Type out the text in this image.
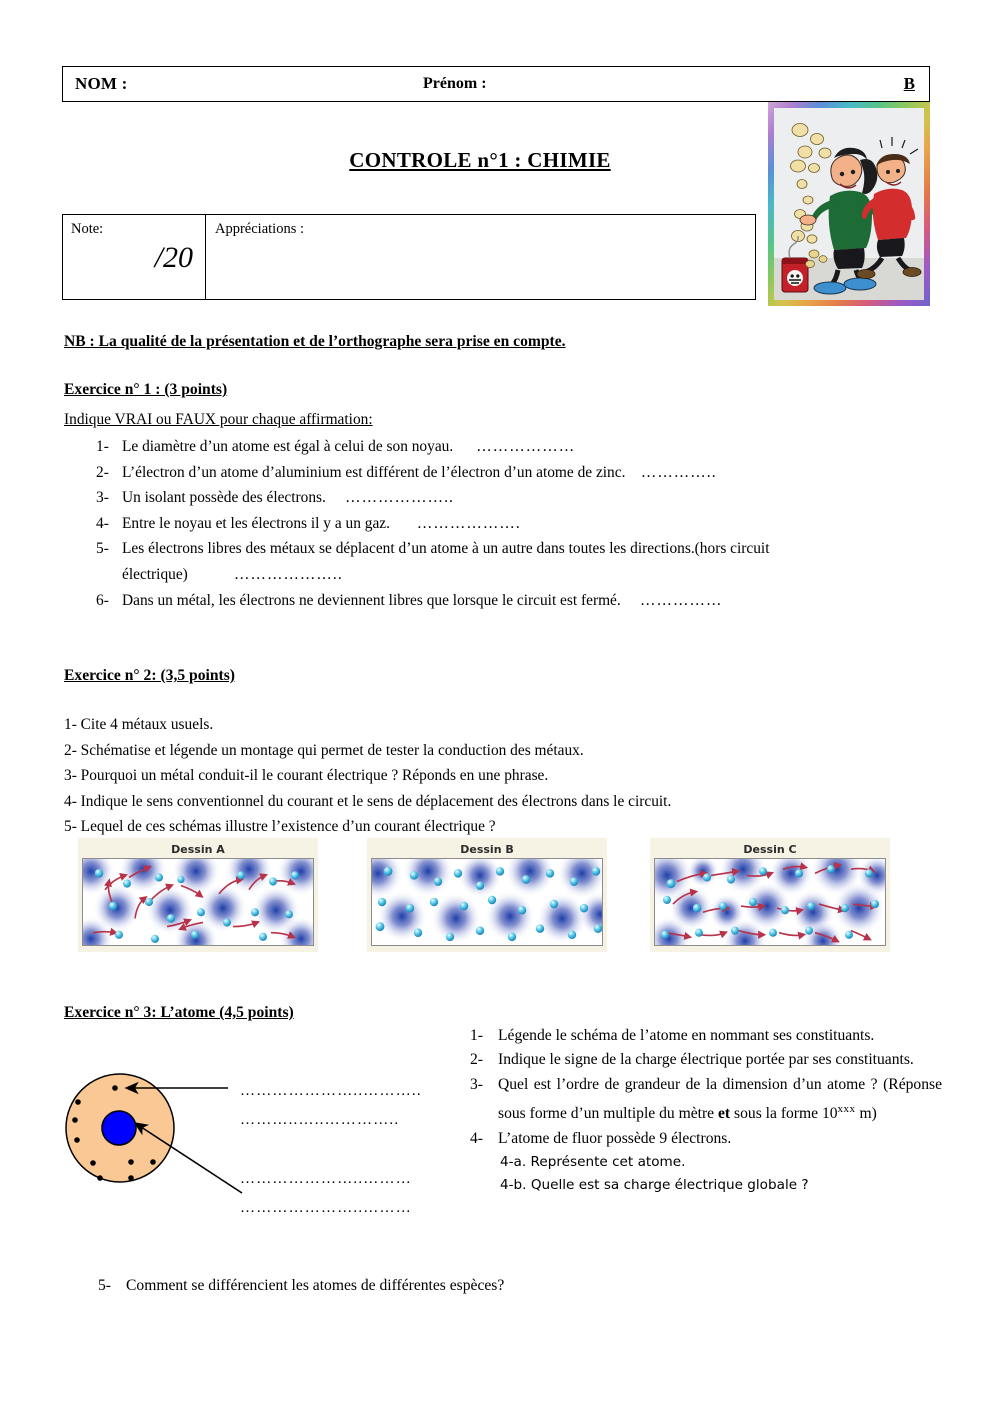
NOM :	Prénom :	B
CONTROLE n°1 : CHIMIE
Note:
/20
Appréciations :
NB : La qualité de la présentation et de l’orthographe sera prise en compte.
Exercice n° 1 : (3 points)
Indique VRAI ou FAUX pour chaque affirmation:
1- Le diamètre d’un atome est égal à celui de son noyau. ………………
2- L’électron d’un atome d’aluminium est différent de l’électron d’un atome de zinc. …………..
3- Un isolant possède des électrons. ………………..
4- Entre le noyau et les électrons il y a un gaz. ……………….
5- Les électrons libres des métaux se déplacent d’un atome à un autre dans toutes les directions.(hors circuit électrique)	………………..
6- Dans un métal, les électrons ne deviennent libres que lorsque le circuit est fermé. ……………
Exercice n° 2: (3,5 points)
1- Cite 4 métaux usuels.
2- Schématise et légende un montage qui permet de tester la conduction des métaux.
3- Pourquoi un métal conduit-il le courant électrique ? Réponds en une phrase.
4- Indique le sens conventionnel du courant et le sens de déplacement des électrons dans le circuit.
5- Lequel de ces schémas illustre l’existence d’un courant électrique ?
Dessin A	Dessin B	Dessin C
Exercice n° 3: L’atome (4,5 points)
…………………..………..
………..…..…………..
…………………..………
…………………..………
1- Légende le schéma de l’atome en nommant ses constituants.
2- Indique le signe de la charge électrique portée par ses constituants.
3- Quel est l’ordre de grandeur de la dimension d’un atome ? (Réponse sous forme d’un multiple du mètre et sous la forme 10$^{xxx}$ m)
4- L’atome de fluor possède 9 électrons.
4-a. Représente cet atome.
4-b. Quelle est sa charge électrique globale ?
5- Comment se différencient les atomes de différentes espèces?
